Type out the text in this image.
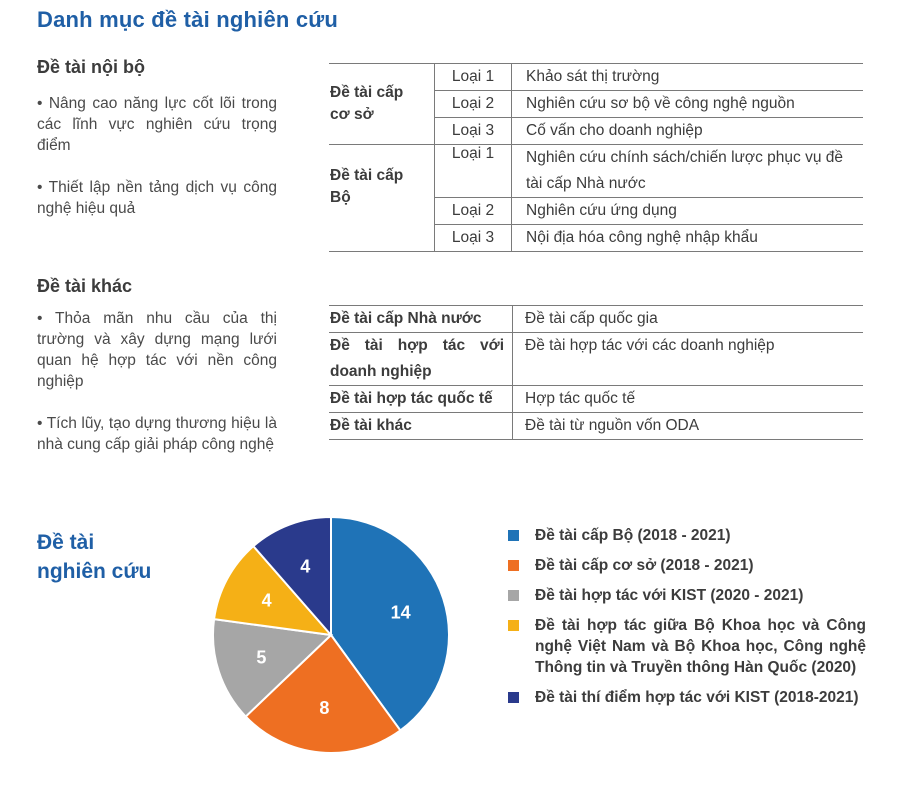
Danh mục đề tài nghiên cứu
Đề tài nội bộ
• Nâng cao năng lực cốt lõi trong các lĩnh vực nghiên cứu trọng điểm
• Thiết lập nền tảng dịch vụ công nghệ hiệu quả
Đề tài khác
• Thỏa mãn nhu cầu của thị trường và xây dựng mạng lưới quan hệ hợp tác với nền công nghiệp
• Tích lũy, tạo dựng thương hiệu là nhà cung cấp giải pháp công nghệ
Đề tài cấp cơ sở	Loại 1	Khảo sát thị trường
	Loại 2	Nghiên cứu sơ bộ về công nghệ nguồn
	Loại 3	Cố vấn cho doanh nghiệp
Đề tài cấp Bộ	Loại 1	Nghiên cứu chính sách/chiến lược phục vụ đề tài cấp Nhà nước
	Loại 2	Nghiên cứu ứng dụng
	Loại 3	Nội địa hóa công nghệ nhập khẩu
Đề tài cấp Nhà nước	Đề tài cấp quốc gia
Đề tài hợp tác với doanh nghiệp	Đề tài hợp tác với các doanh nghiệp
Đề tài hợp tác quốc tế	Hợp tác quốc tế
Đề tài khác	Đề tài từ nguồn vốn ODA
Đề tài nghiên cứu
14
8
5
4
4
Đề tài cấp Bộ (2018 - 2021)
Đề tài cấp cơ sở (2018 - 2021)
Đề tài hợp tác với KIST (2020 - 2021)
Đề tài hợp tác giữa Bộ Khoa học và Công nghệ Việt Nam và Bộ Khoa học, Công nghệ Thông tin và Truyền thông Hàn Quốc (2020)
Đề tài thí điểm hợp tác với KIST (2018-2021)
